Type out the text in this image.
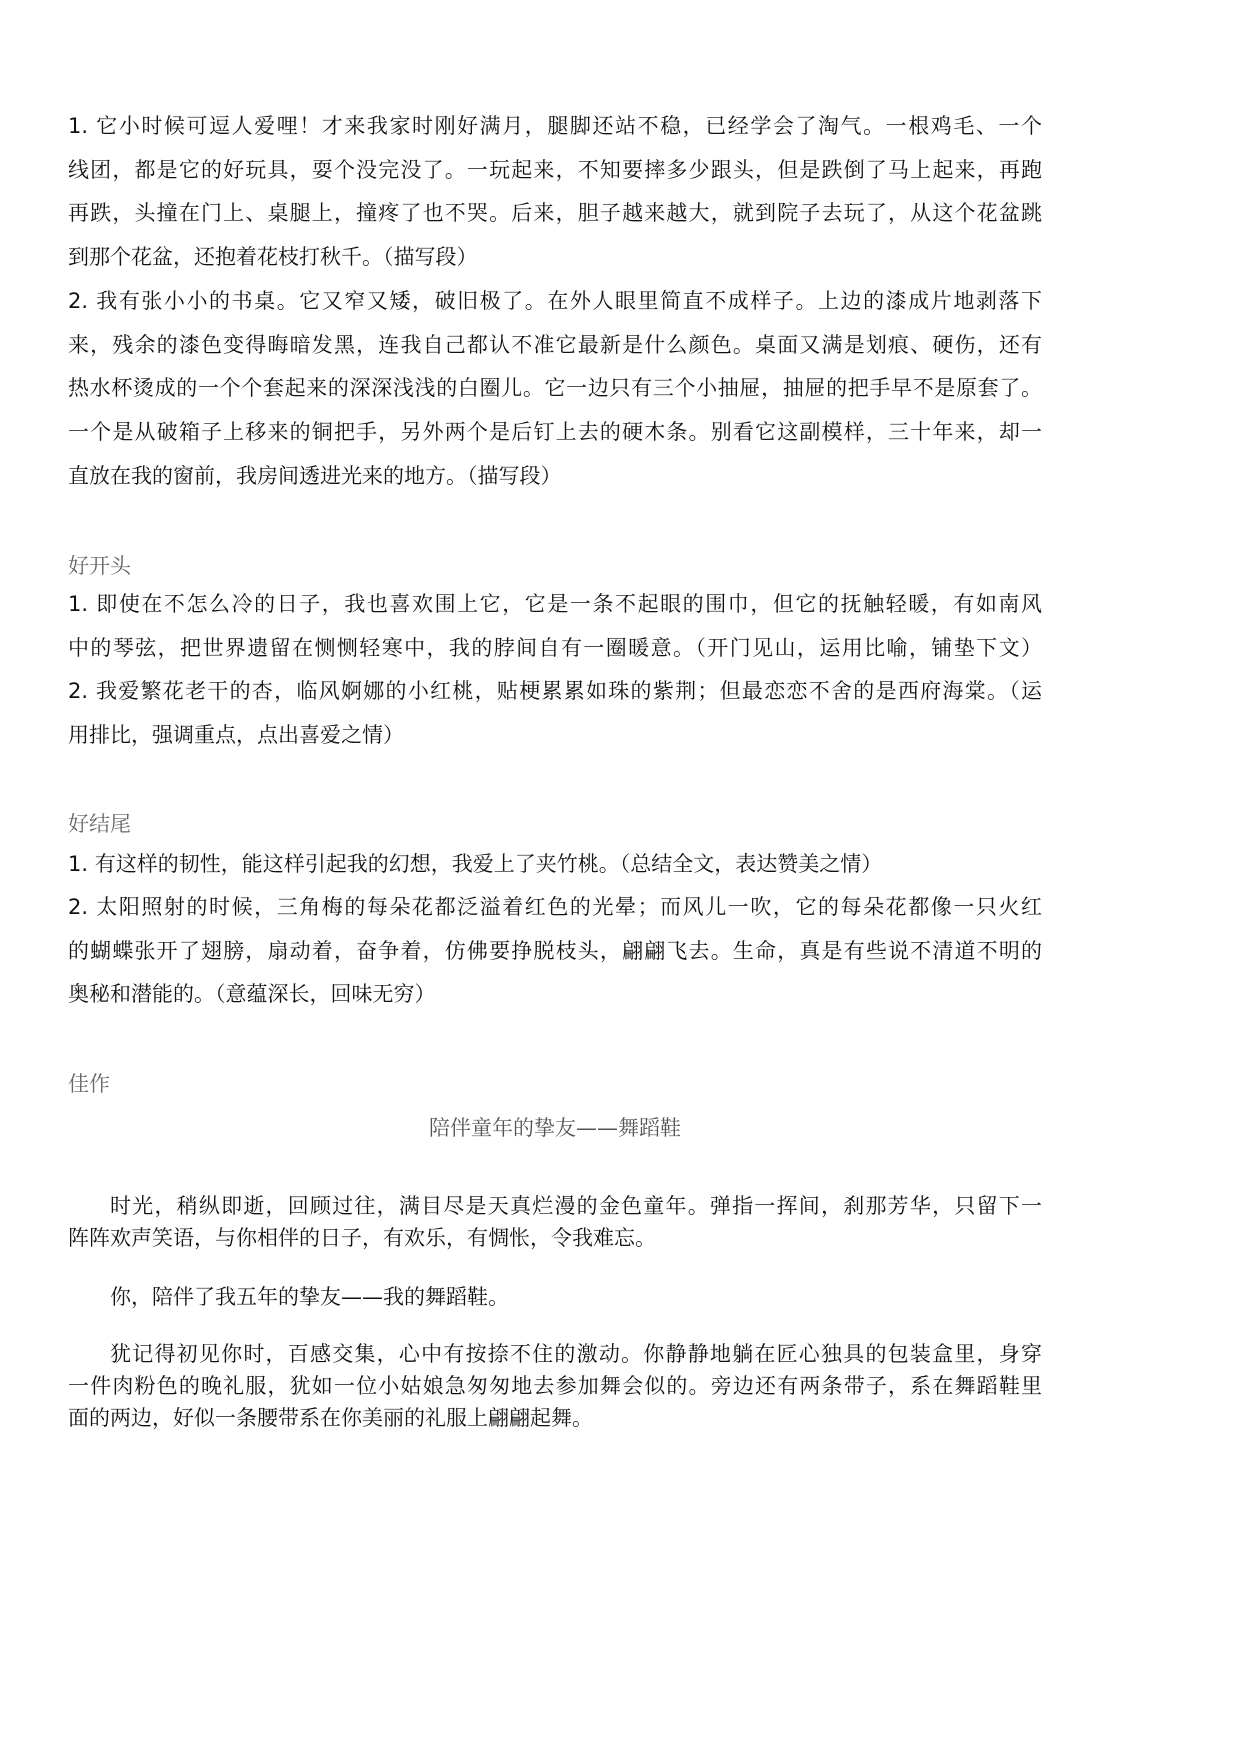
1. 它小时候可逗人爱哩！才来我家时刚好满月，腿脚还站不稳，已经学会了淘气。一根鸡毛、一个
线团，都是它的好玩具，耍个没完没了。一玩起来，不知要摔多少跟头，但是跌倒了马上起来，再跑
再跌，头撞在门上、桌腿上，撞疼了也不哭。后来，胆子越来越大，就到院子去玩了，从这个花盆跳
到那个花盆，还抱着花枝打秋千。（描写段）
2. 我有张小小的书桌。它又窄又矮，破旧极了。在外人眼里简直不成样子。上边的漆成片地剥落下
来，残余的漆色变得晦暗发黑，连我自己都认不准它最新是什么颜色。桌面又满是划痕、硬伤，还有
热水杯烫成的一个个套起来的深深浅浅的白圈儿。它一边只有三个小抽屉，抽屉的把手早不是原套了。
一个是从破箱子上移来的铜把手，另外两个是后钉上去的硬木条。别看它这副模样，三十年来，却一
直放在我的窗前，我房间透进光来的地方。（描写段）
好开头
1. 即使在不怎么冷的日子，我也喜欢围上它，它是一条不起眼的围巾，但它的抚触轻暖，有如南风
中的琴弦，把世界遗留在恻恻轻寒中，我的脖间自有一圈暖意。（开门见山，运用比喻，铺垫下文）
2. 我爱繁花老干的杏，临风婀娜的小红桃，贴梗累累如珠的紫荆；但最恋恋不舍的是西府海棠。（运
用排比，强调重点，点出喜爱之情）
好结尾
1. 有这样的韧性，能这样引起我的幻想，我爱上了夹竹桃。（总结全文，表达赞美之情）
2. 太阳照射的时候，三角梅的每朵花都泛溢着红色的光晕；而风儿一吹，它的每朵花都像一只火红
的蝴蝶张开了翅膀，扇动着，奋争着，仿佛要挣脱枝头，翩翩飞去。生命，真是有些说不清道不明的
奥秘和潜能的。（意蕴深长，回味无穷）
佳作
陪伴童年的挚友——舞蹈鞋
时光，稍纵即逝，回顾过往，满目尽是天真烂漫的金色童年。弹指一挥间，刹那芳华，只留下一
阵阵欢声笑语，与你相伴的日子，有欢乐，有惆怅，令我难忘。
你，陪伴了我五年的挚友——我的舞蹈鞋。
犹记得初见你时，百感交集，心中有按捺不住的激动。你静静地躺在匠心独具的包装盒里，身穿
一件肉粉色的晚礼服，犹如一位小姑娘急匆匆地去参加舞会似的。旁边还有两条带子，系在舞蹈鞋里
面的两边，好似一条腰带系在你美丽的礼服上翩翩起舞。
